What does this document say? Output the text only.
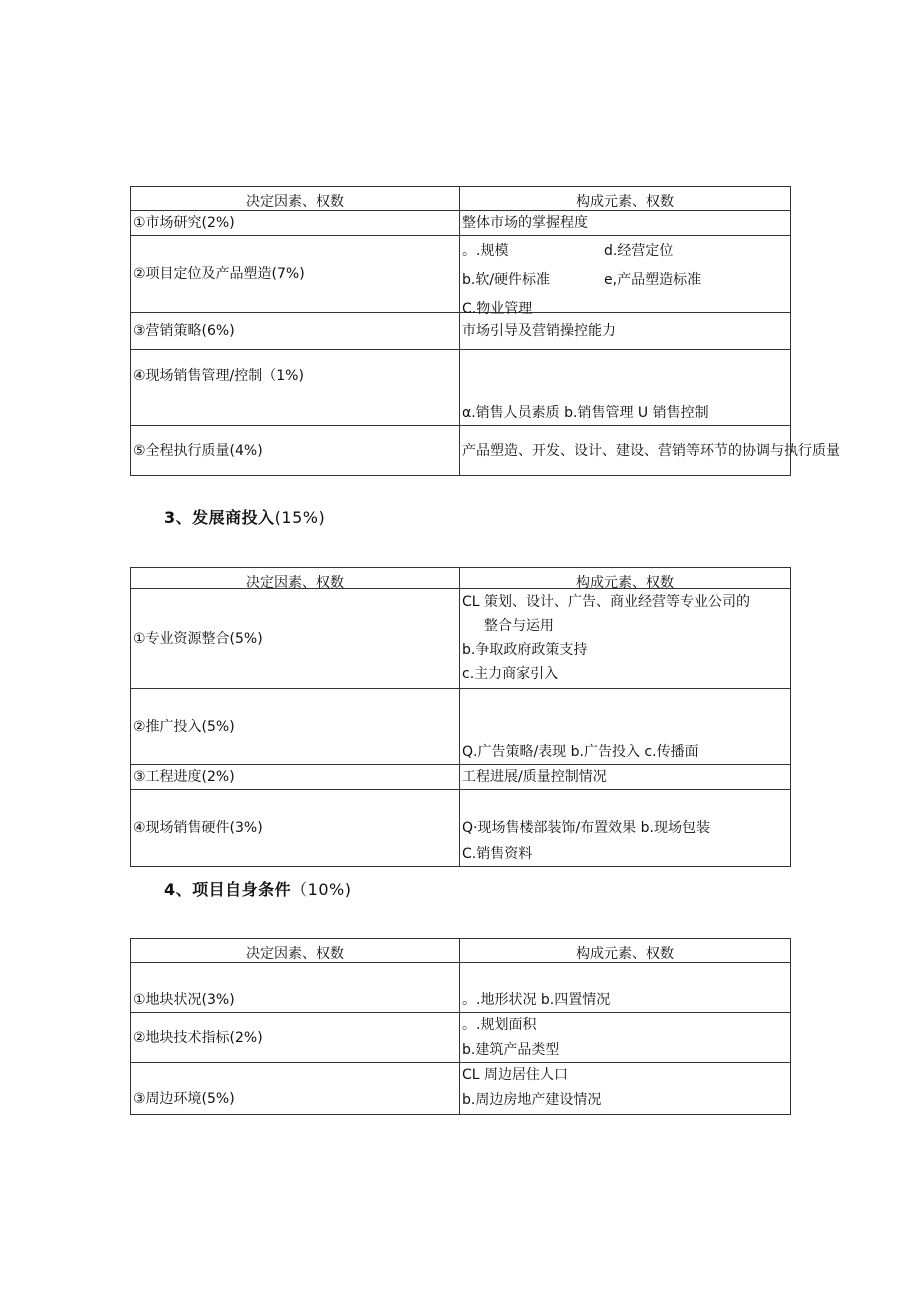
决定因素、权数	构成元素、权数

①市场研究(2%)	整体市场的掌握程度
②项目定位及产品塑造(7%)	。.规模 d.经营定位
b.软/硬件标准 e,产品塑造标准
C.物业管理

③营销策略(6%)	市场引导及营销操控能力

④现场销售管理/控制（1%)	α.销售人员素质 b.销售管理 U 销售控制
⑤全程执行质量(4%)	产品塑造、开发、设计、建设、营销等环节的协调与执行质量
3、发展商投入(15%)
决定因素、权数	构成元素、权数

①专业资源整合(5%)	CL 策划、设计、广告、商业经营等专业公司的
整合与运用
b.争取政府政策支持
c.主力商家引入

②推广投入(5%)	Q.广告策略/表现 b.广告投入 c.传播面
③工程进度(2%)	工程进展/质量控制情况
④现场销售硬件(3%)	Q·现场售楼部装饰/布置效果 b.现场包装
C.销售资料
4、项目自身条件（10%)
决定因素、权数	构成元素、权数

①地块状况(3%)	。.地形状况 b.四置情况
②地块技术指标(2%)	。.规划面积
b.建筑产品类型

③周边环境(5%)	CL 周边居住人口
b.周边房地产建设情况
